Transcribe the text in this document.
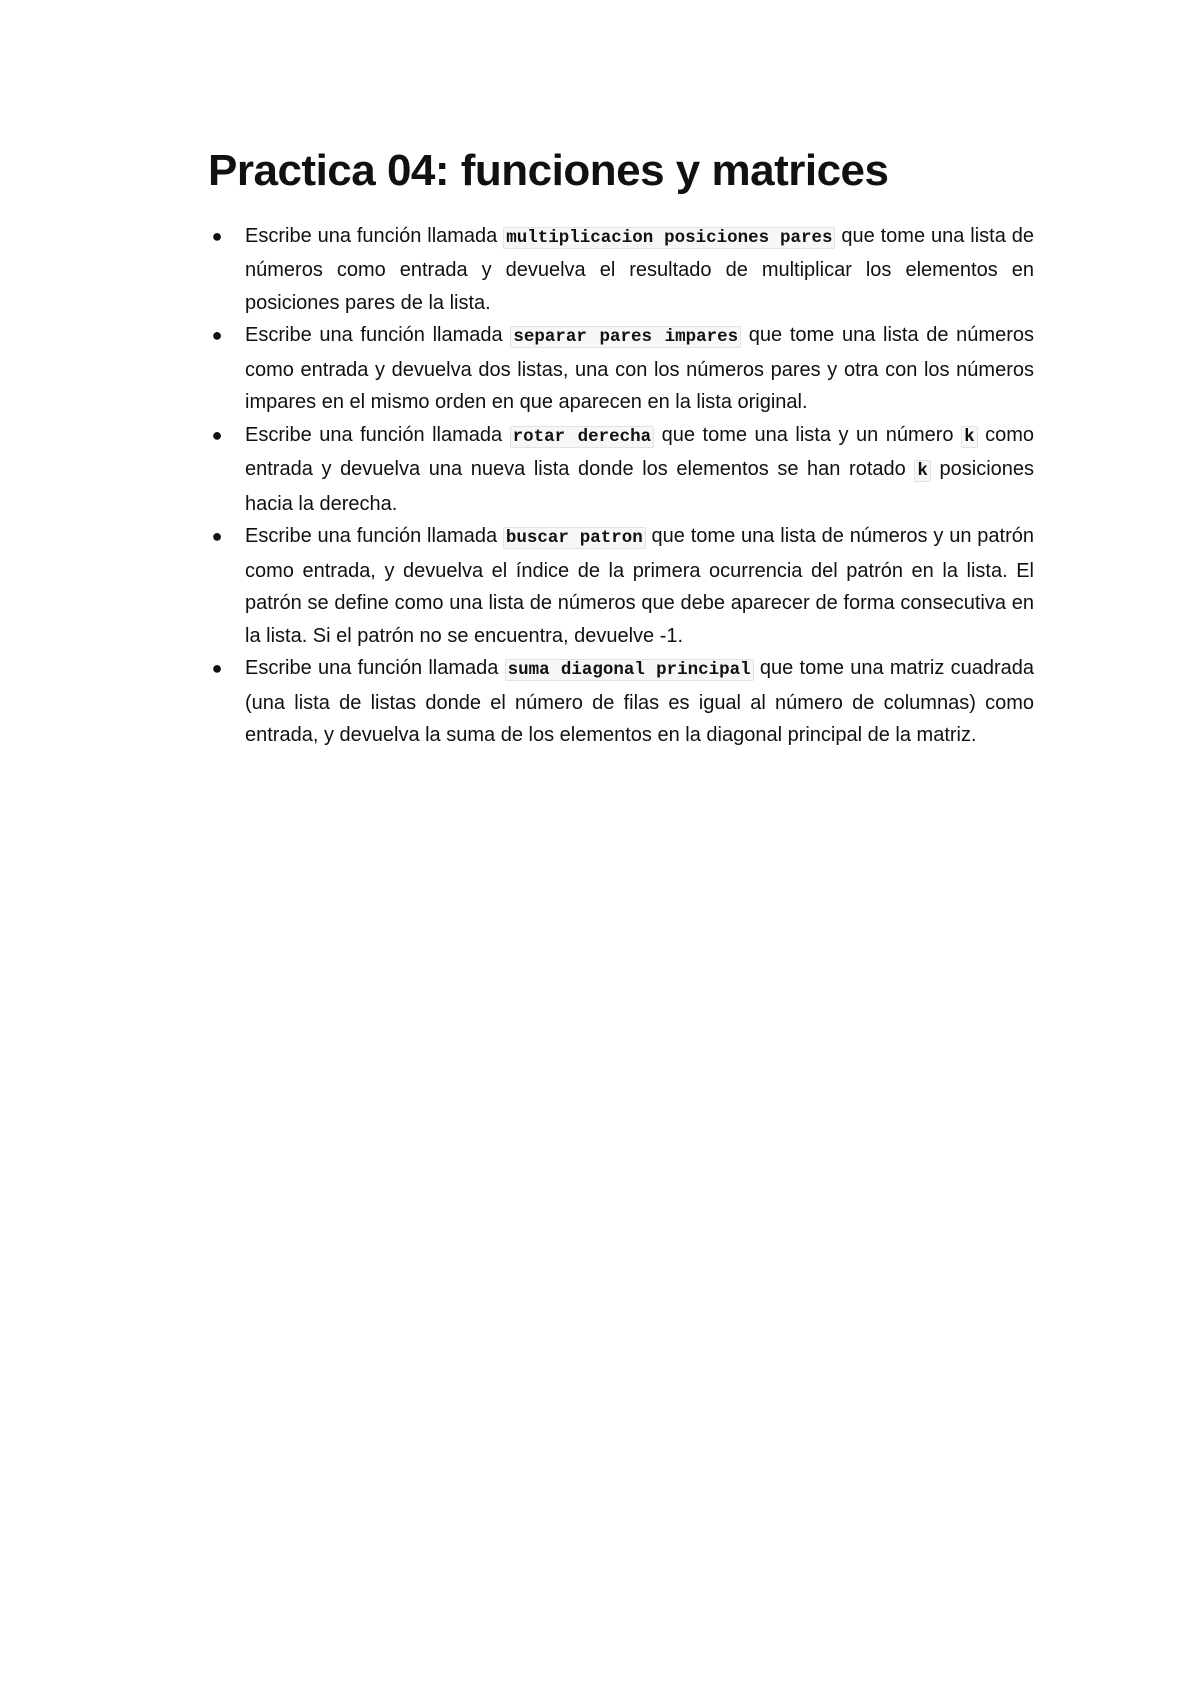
Practica 04: funciones y matrices
● Escribe una función llamada multiplicacion posiciones pares que tome una lista de números como entrada y devuelva el resultado de multiplicar los elementos en posiciones pares de la lista.
● Escribe una función llamada separar pares impares que tome una lista de números como entrada y devuelva dos listas, una con los números pares y otra con los números impares en el mismo orden en que aparecen en la lista original.
● Escribe una función llamada rotar derecha que tome una lista y un número k como entrada y devuelva una nueva lista donde los elementos se han rotado k posiciones hacia la derecha.
● Escribe una función llamada buscar patron que tome una lista de números y un patrón como entrada, y devuelva el índice de la primera ocurrencia del patrón en la lista. El patrón se define como una lista de números que debe aparecer de forma consecutiva en la lista. Si el patrón no se encuentra, devuelve -1.
● Escribe una función llamada suma diagonal principal que tome una matriz cuadrada (una lista de listas donde el número de filas es igual al número de columnas) como entrada, y devuelva la suma de los elementos en la diagonal principal de la matriz.
